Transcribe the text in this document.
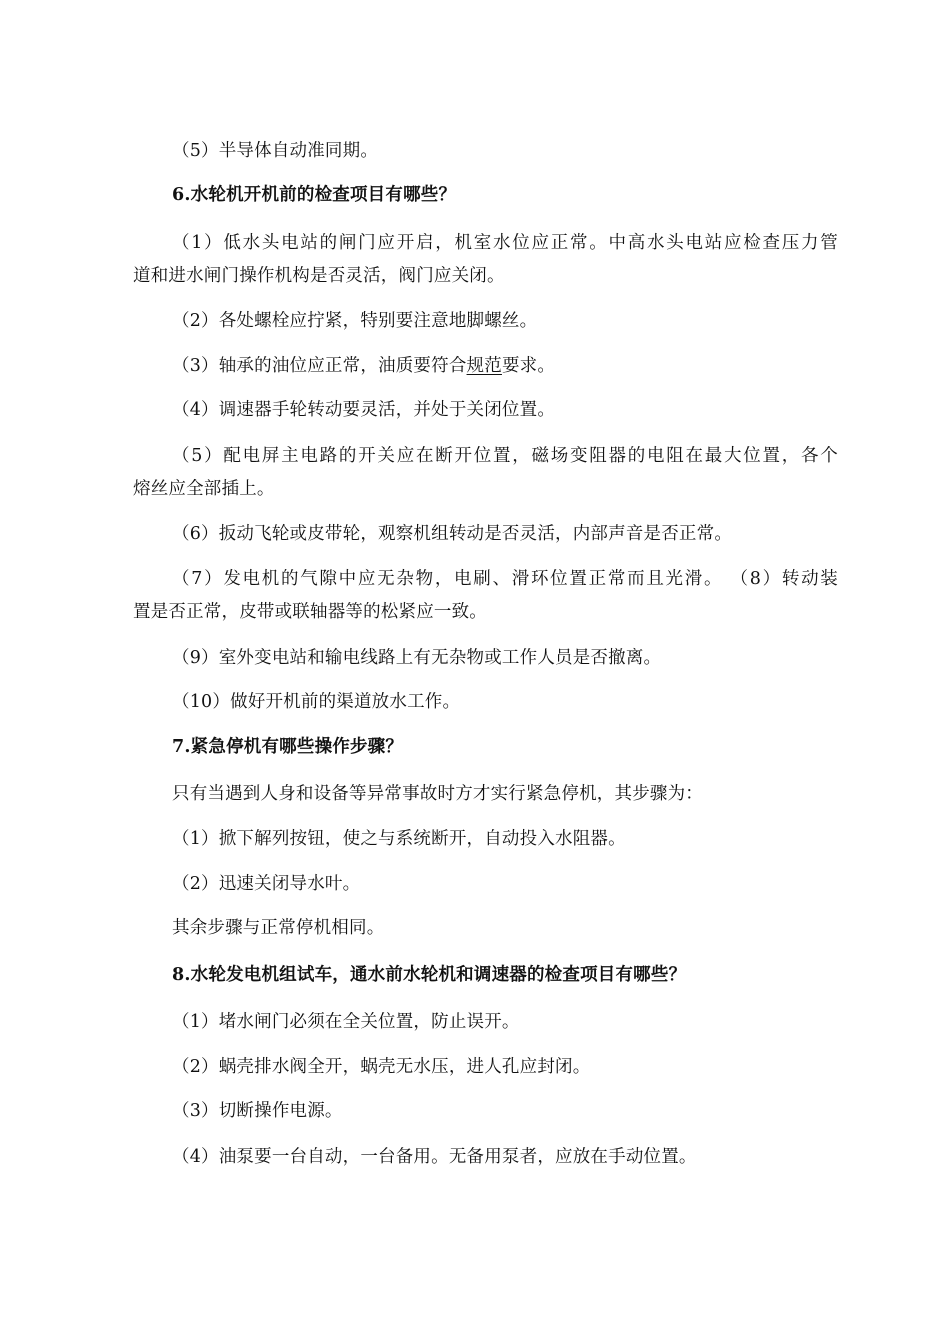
（5）半导体自动准同期。
6.水轮机开机前的检查项目有哪些？
（1）低水头电站的闸门应开启，机室水位应正常。中高水头电站应检查压力管
道和进水闸门操作机构是否灵活，阀门应关闭。
（2）各处螺栓应拧紧，特别要注意地脚螺丝。
（3）轴承的油位应正常，油质要符合规范要求。
（4）调速器手轮转动要灵活，并处于关闭位置。
（5）配电屏主电路的开关应在断开位置，磁场变阻器的电阻在最大位置，各个
熔丝应全部插上。
（6）扳动飞轮或皮带轮，观察机组转动是否灵活，内部声音是否正常。
（7）发电机的气隙中应无杂物，电刷、滑环位置正常而且光滑。 （8）转动装
置是否正常，皮带或联轴器等的松紧应一致。
（9）室外变电站和输电线路上有无杂物或工作人员是否撤离。
（10）做好开机前的渠道放水工作。
7.紧急停机有哪些操作步骤？
只有当遇到人身和设备等异常事故时方才实行紧急停机，其步骤为：
（1）掀下解列按钮，使之与系统断开，自动投入水阻器。
（2）迅速关闭导水叶。
其余步骤与正常停机相同。
8.水轮发电机组试车，通水前水轮机和调速器的检查项目有哪些？
（1）堵水闸门必须在全关位置，防止误开。
（2）蜗壳排水阀全开，蜗壳无水压，进人孔应封闭。
（3）切断操作电源。
（4）油泵要一台自动，一台备用。无备用泵者，应放在手动位置。
